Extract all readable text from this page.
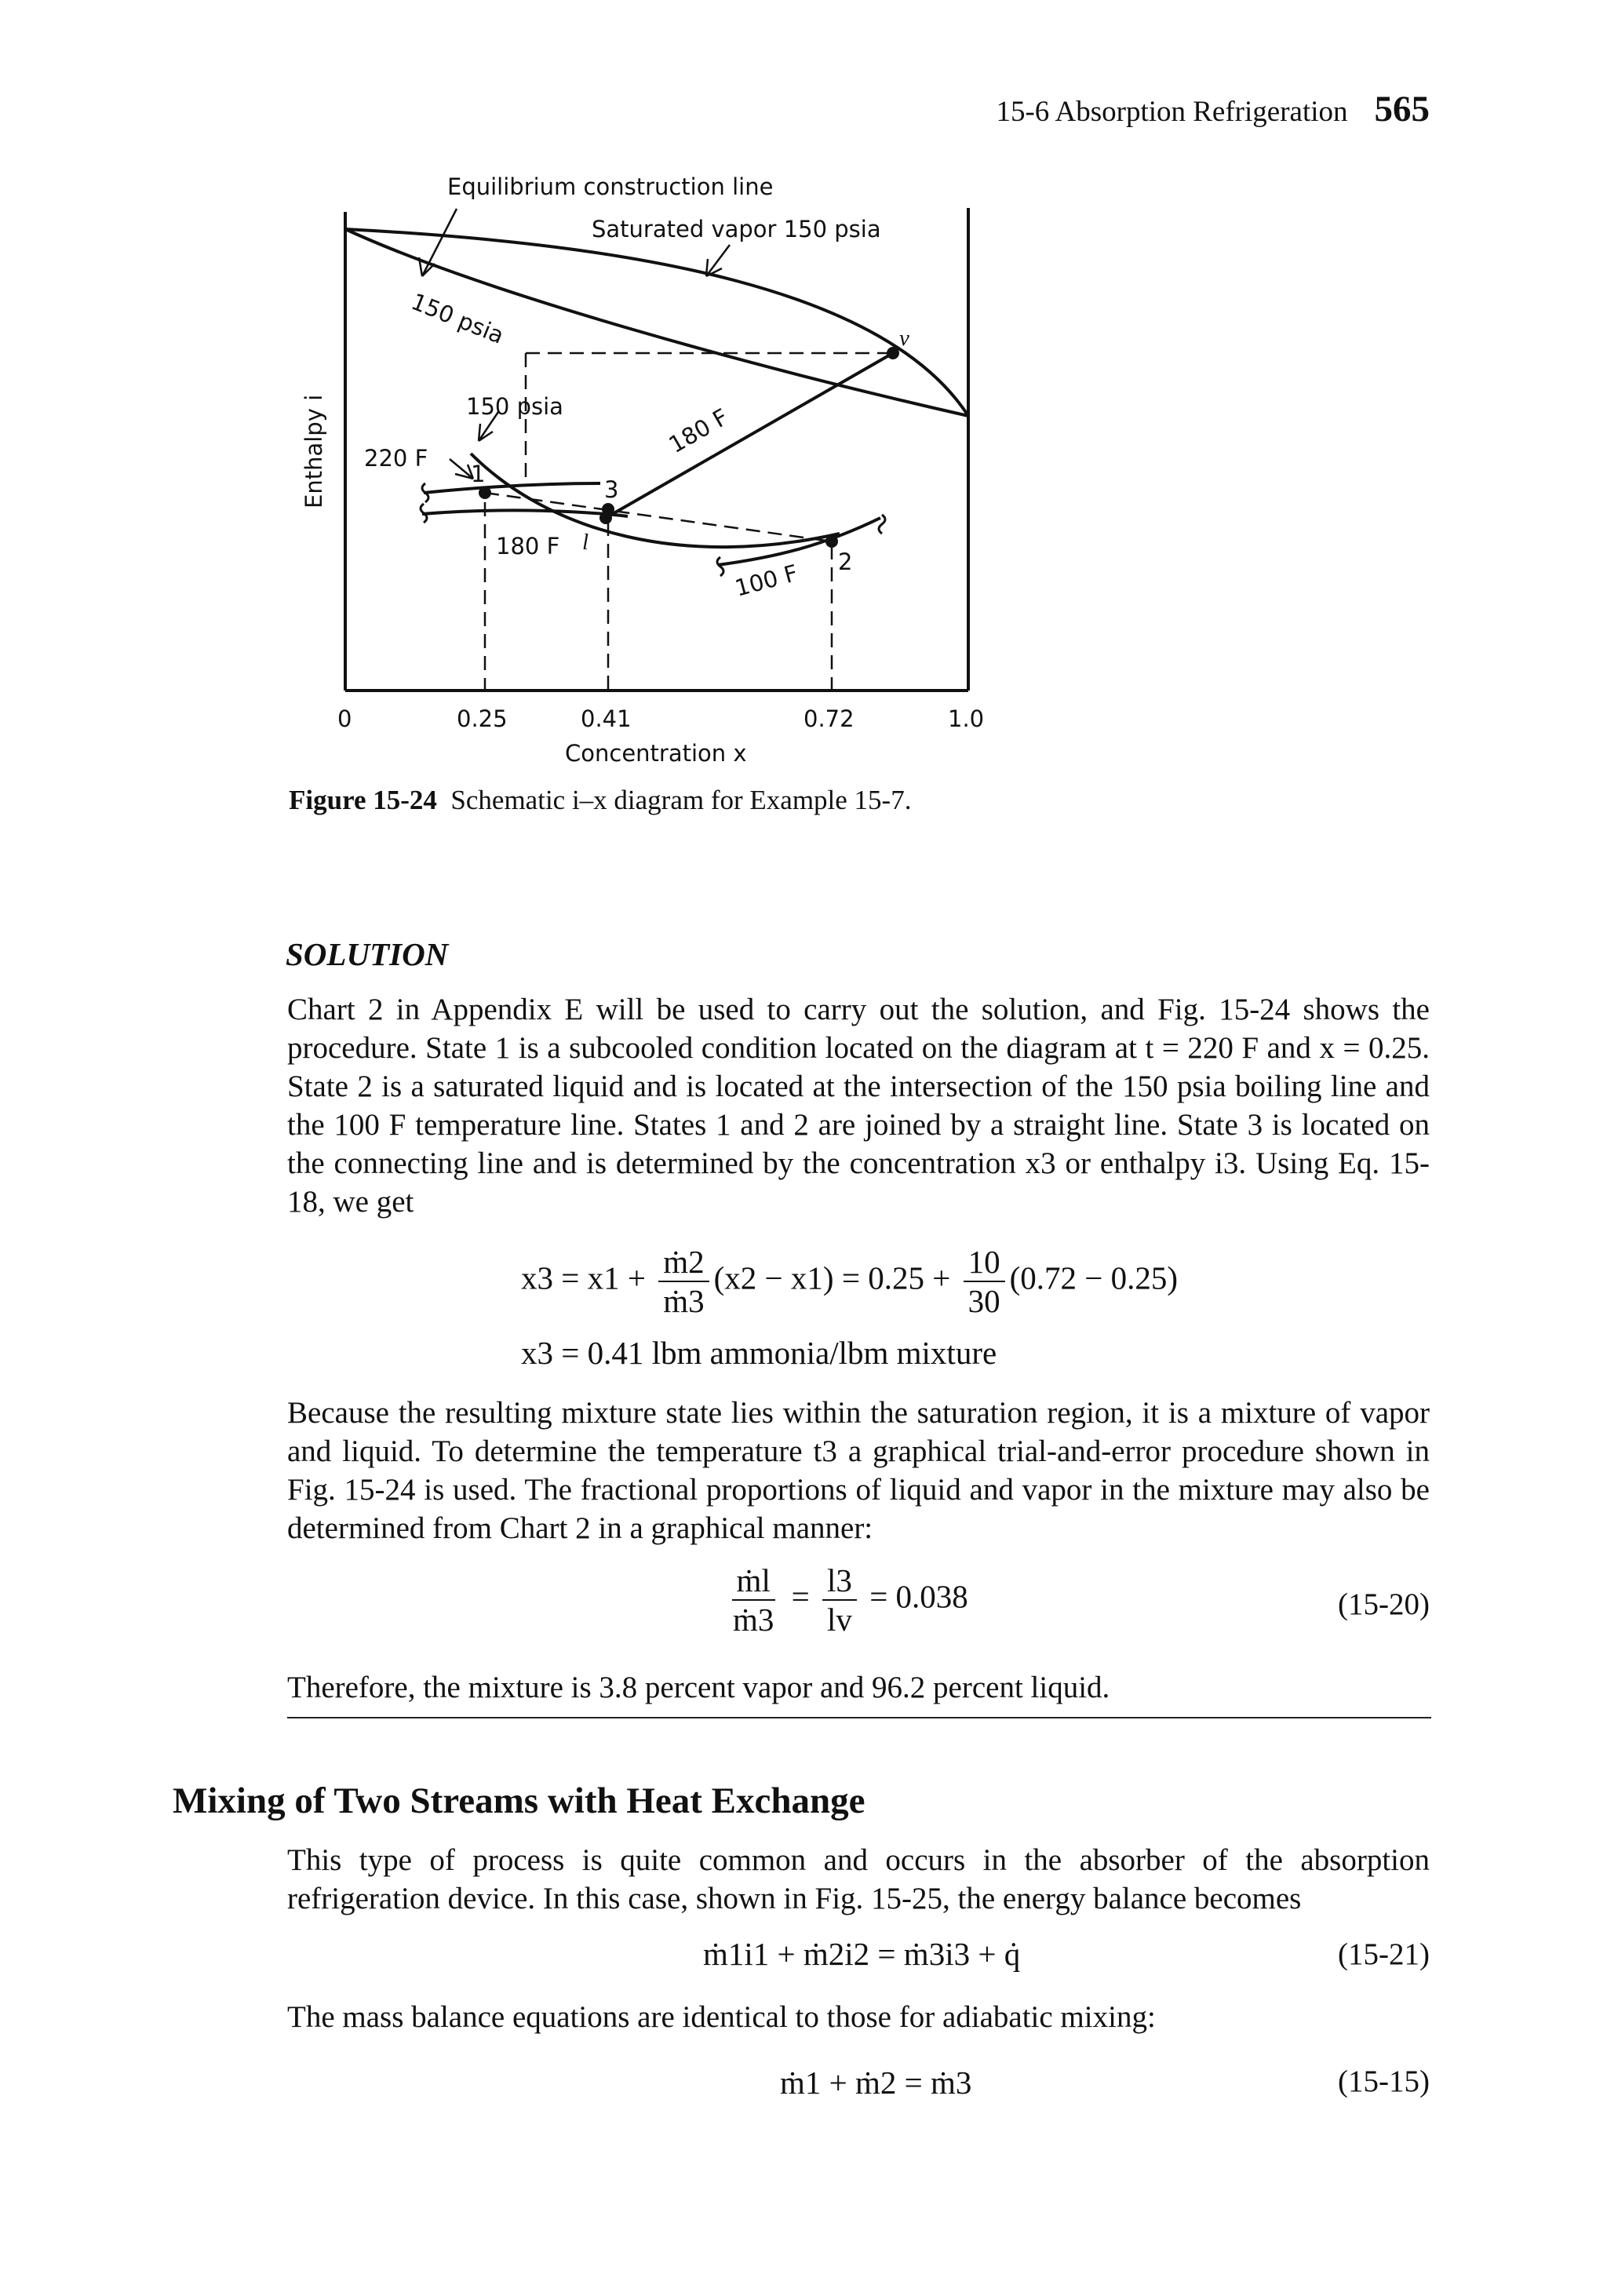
15-6 Absorption Refrigeration 565
Equilibrium construction line
Saturated vapor 150 psia
150 psia
150 psia
220 F	180 F
180 F
100 F
1
2
3
l
v
Enthalpy i
Concentration x
0	0.25	0.41	0.72	1.0
Figure 15-24 Schematic i–x diagram for Example 15-7.
SOLUTION
Chart 2 in Appendix E will be used to carry out the solution, and Fig. 15-24 shows the procedure. State 1 is a subcooled condition located on the diagram at t = 220 F and x = 0.25. State 2 is a saturated liquid and is located at the intersection of the 150 psia boiling line and the 100 F temperature line. States 1 and 2 are joined by a straight line. State 3 is located on the connecting line and is determined by the concentration x3 or enthalpy i3. Using Eq. 15-18, we get
$x3 = x1 + \frac{\text{ṁ2}}{\text{ṁ3}} (x2 - x1) = 0.25 + \frac{10}{30} (0.72 - 0.25)$
x3 = 0.41 lbm ammonia/lbm mixture
Because the resulting mixture state lies within the saturation region, it is a mixture of vapor and liquid. To determine the temperature t3 a graphical trial-and-error procedure shown in Fig. 15-24 is used. The fractional proportions of liquid and vapor in the mixture may also be determined from Chart 2 in a graphical manner:
$\frac{\text{ṁl}}{\text{ṁ3}} = \frac{l3}{lv} = 0.038$	(15-20)
Therefore, the mixture is 3.8 percent vapor and 96.2 percent liquid.
Mixing of Two Streams with Heat Exchange
This type of process is quite common and occurs in the absorber of the absorption refrigeration device. In this case, shown in Fig. 15-25, the energy balance becomes
ṁ1i1 + ṁ2i2 = ṁ3i3 + q̇	(15-21)
The mass balance equations are identical to those for adiabatic mixing:
ṁ1 + ṁ2 = ṁ3	(15-15)
